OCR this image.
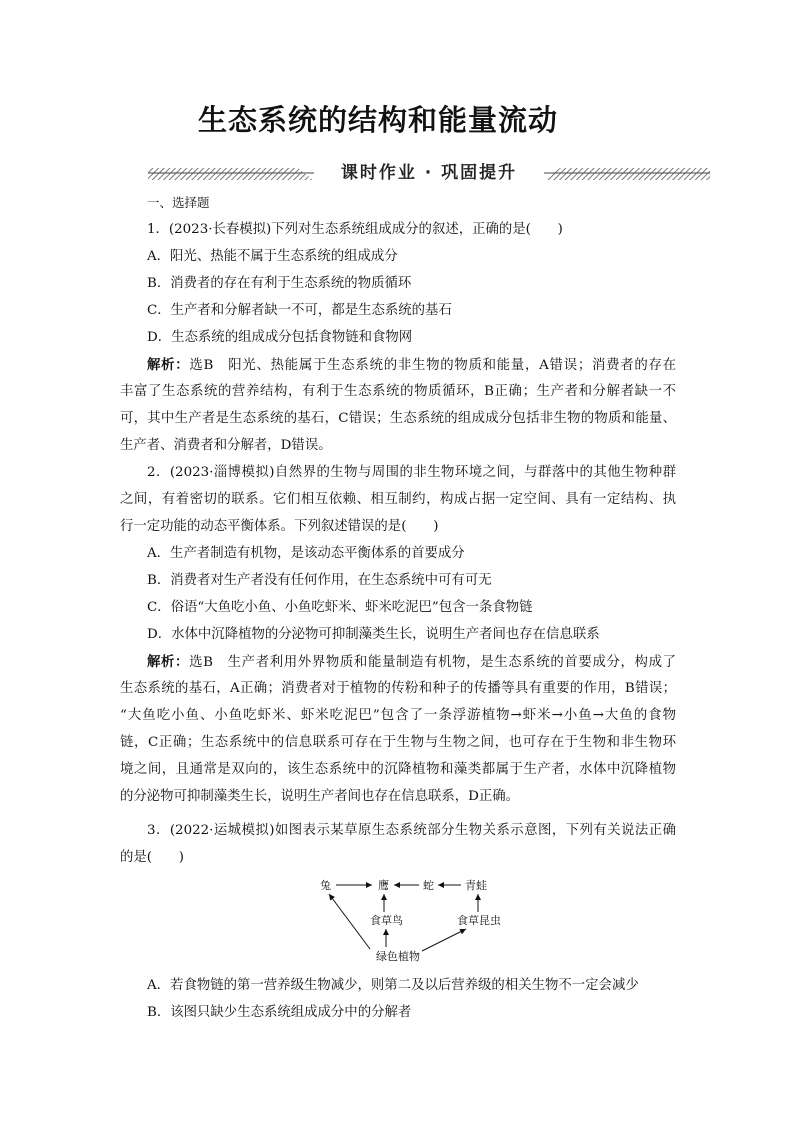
生态系统的结构和能量流动
课时作业 · 巩固提升
一、选择题
1．(2023·长春模拟)下列对生态系统组成成分的叙述，正确的是(　　)
A．阳光、热能不属于生态系统的组成成分
B．消费者的存在有利于生态系统的物质循环
C．生产者和分解者缺一不可，都是生态系统的基石
D．生态系统的组成成分包括食物链和食物网
解析：选B　阳光、热能属于生态系统的非生物的物质和能量，A错误；消费者的存在
丰富了生态系统的营养结构，有利于生态系统的物质循环，B正确；生产者和分解者缺一不
可，其中生产者是生态系统的基石，C错误；生态系统的组成成分包括非生物的物质和能量、
生产者、消费者和分解者，D错误。
2．(2023·淄博模拟)自然界的生物与周围的非生物环境之间，与群落中的其他生物种群
之间，有着密切的联系。它们相互依赖、相互制约，构成占据一定空间、具有一定结构、执
行一定功能的动态平衡体系。下列叙述错误的是(　　)
A．生产者制造有机物，是该动态平衡体系的首要成分
B．消费者对生产者没有任何作用，在生态系统中可有可无
C．俗语“大鱼吃小鱼、小鱼吃虾米、虾米吃泥巴”包含一条食物链
D．水体中沉降植物的分泌物可抑制藻类生长，说明生产者间也存在信息联系
解析：选B　生产者利用外界物质和能量制造有机物，是生态系统的首要成分，构成了
生态系统的基石，A正确；消费者对于植物的传粉和种子的传播等具有重要的作用，B错误；
“大鱼吃小鱼、小鱼吃虾米、虾米吃泥巴”包含了一条浮游植物→虾米→小鱼→大鱼的食物
链，C正确；生态系统中的信息联系可存在于生物与生物之间，也可存在于生物和非生物环
境之间，且通常是双向的，该生态系统中的沉降植物和藻类都属于生产者，水体中沉降植物
的分泌物可抑制藻类生长，说明生产者间也存在信息联系，D正确。
3．(2022·运城模拟)如图表示某草原生态系统部分生物关系示意图，下列有关说法正确
的是(　　)
兔	鹰	蛇	青蛙
食草鸟	食草昆虫
绿色植物
A．若食物链的第一营养级生物减少，则第二及以后营养级的相关生物不一定会减少
B．该图只缺少生态系统组成成分中的分解者
